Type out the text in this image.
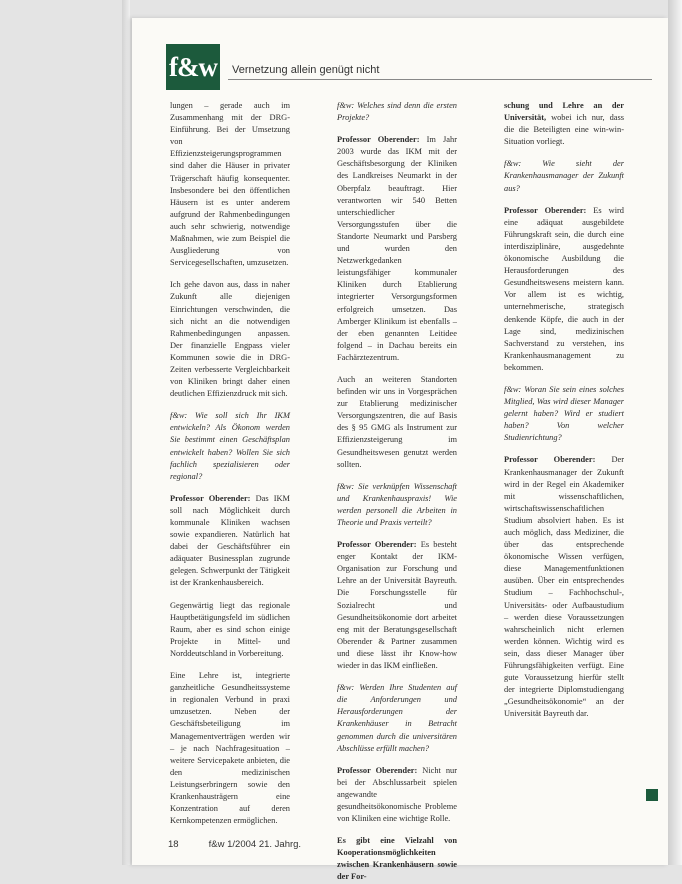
f&w Vernetzung allein genügt nicht

lungen – gerade auch im Zusammenhang mit der DRG-Einführung. Bei der Umsetzung von Effizienzsteigerungsprogrammen sind daher die Häuser in privater Trägerschaft häufig konsequenter. Insbesondere bei den öffentlichen Häusern ist es unter anderem aufgrund der Rahmenbedingungen auch sehr schwierig, notwendige Maßnahmen, wie zum Beispiel die Ausgliederung von Servicegesellschaften, umzusetzen.

Ich gehe davon aus, dass in naher Zukunft alle diejenigen Einrichtungen verschwinden, die sich nicht an die notwendigen Rahmenbedingungen anpassen. Der finanzielle Engpass vieler Kommunen sowie die in DRG-Zeiten verbesserte Vergleichbarkeit von Kliniken bringt daher einen deutlichen Effizienzdruck mit sich.

f&w: Wie soll sich Ihr IKM entwickeln? Als Ökonom werden Sie bestimmt einen Geschäftsplan entwickelt haben? Wollen Sie sich fachlich spezialisieren oder regional?

Professor Oberender: Das IKM soll nach Möglichkeit durch kommunale Kliniken wachsen sowie expandieren. Natürlich hat dabei der Geschäftsführer ein adäquater Businessplan zugrunde gelegen. Schwerpunkt der Tätigkeit ist der Krankenhausbereich.

Gegenwärtig liegt das regionale Hauptbetätigungsfeld im südlichen Raum, aber es sind schon einige Projekte in Mittel- und Norddeutschland in Vorbereitung.

Eine Lehre ist, integrierte ganzheitliche Gesundheitssysteme in regionalen Verbund in praxi umzusetzen. Neben der Geschäftsbeteiligung im Managementverträgen werden wir – je nach Nachfragesituation – weitere Servicepakete anbieten, die den medizinischen Leistungserbringern sowie den Krankenhausträgern eine Konzentration auf deren Kernkompetenzen ermöglichen.

f&w: Welches sind denn die ersten Projekte?

Professor Oberender: Im Jahr 2003 wurde das IKM mit der Geschäftsbesorgung der Kliniken des Landkreises Neumarkt in der Oberpfalz beauftragt. Hier verantworten wir 540 Betten unterschiedlicher Versorgungsstufen über die Standorte Neumarkt und Parsberg und wurden den Netzwerkgedanken leistungsfähiger kommunaler Kliniken durch Etablierung integrierter Versorgungsformen erfolgreich umsetzen. Das Amberger Klinikum ist ebenfalls – der eben genannten Leitidee folgend – in Dachau bereits ein Fachärztezentrum.

Auch an weiteren Standorten befinden wir uns in Vorgesprächen zur Etablierung medizinischer Versorgungszentren, die auf Basis des § 95 GMG als Instrument zur Effizienzsteigerung im Gesundheitswesen genutzt werden sollten.

f&w: Sie verknüpfen Wissenschaft und Krankenhauspraxis! Wie werden personell die Arbeiten in Theorie und Praxis verteilt?

Professor Oberender: Es besteht enger Kontakt der IKM-Organisation zur Forschung und Lehre an der Universität Bayreuth. Die Forschungsstelle für Sozialrecht und Gesundheitsökonomie dort arbeitet eng mit der Beratungsgesellschaft Oberender & Partner zusammen und diese lässt ihr Know-how wieder in das IKM einfließen.

f&w: Werden Ihre Studenten auf die Anforderungen und Herausforderungen der Krankenhäuser in Betracht genommen durch die universitären Abschlüsse erfüllt machen?

Professor Oberender: Nicht nur bei der Abschlussarbeit spielen angewandte gesundheitsökonomische Probleme von Kliniken eine wichtige Rolle.

Es gibt eine Vielzahl von Kooperationsmöglichkeiten zwischen Krankenhäusern sowie der For-

schung und Lehre an der Universität, wobei ich nur, dass die die Beteiligten eine win-win-Situation vorliegt.

f&w: Wie sieht der Krankenhausmanager der Zukunft aus?

Professor Oberender: Es wird eine adäquat ausgebildete Führungskraft sein, die durch eine interdisziplinäre, ausgedehnte ökonomische Ausbildung die Herausforderungen des Gesundheitswesens meistern kann. Vor allem ist es wichtig, unternehmerische, strategisch denkende Köpfe, die auch in der Lage sind, medizinischen Sachverstand zu verstehen, ins Krankenhausmanagement zu bekommen.

f&w: Woran Sie sein eines solches Mitglied, Was wird dieser Manager gelernt haben? Wird er studiert haben? Von welcher Studienrichtung?

Professor Oberender: Der Krankenhausmanager der Zukunft wird in der Regel ein Akademiker mit wissenschaftlichen, wirtschaftswissenschaftlichen Studium absolviert haben. Es ist auch möglich, dass Mediziner, die über das entsprechende ökonomische Wissen verfügen, diese Managementfunktionen ausüben. Über ein entsprechendes Studium – Fachhochschul-, Universitäts- oder Aufbaustudium – werden diese Voraussetzungen wahrscheinlich nicht erlernen werden können. Wichtig wird es sein, dass dieser Manager über Führungsfähigkeiten verfügt. Eine gute Voraussetzung hierfür stellt der integrierte Diplomstudiengang „Gesundheitsökonomie“ an der Universität Bayreuth dar.

18	f&w 1/2004 21. Jahrg.
